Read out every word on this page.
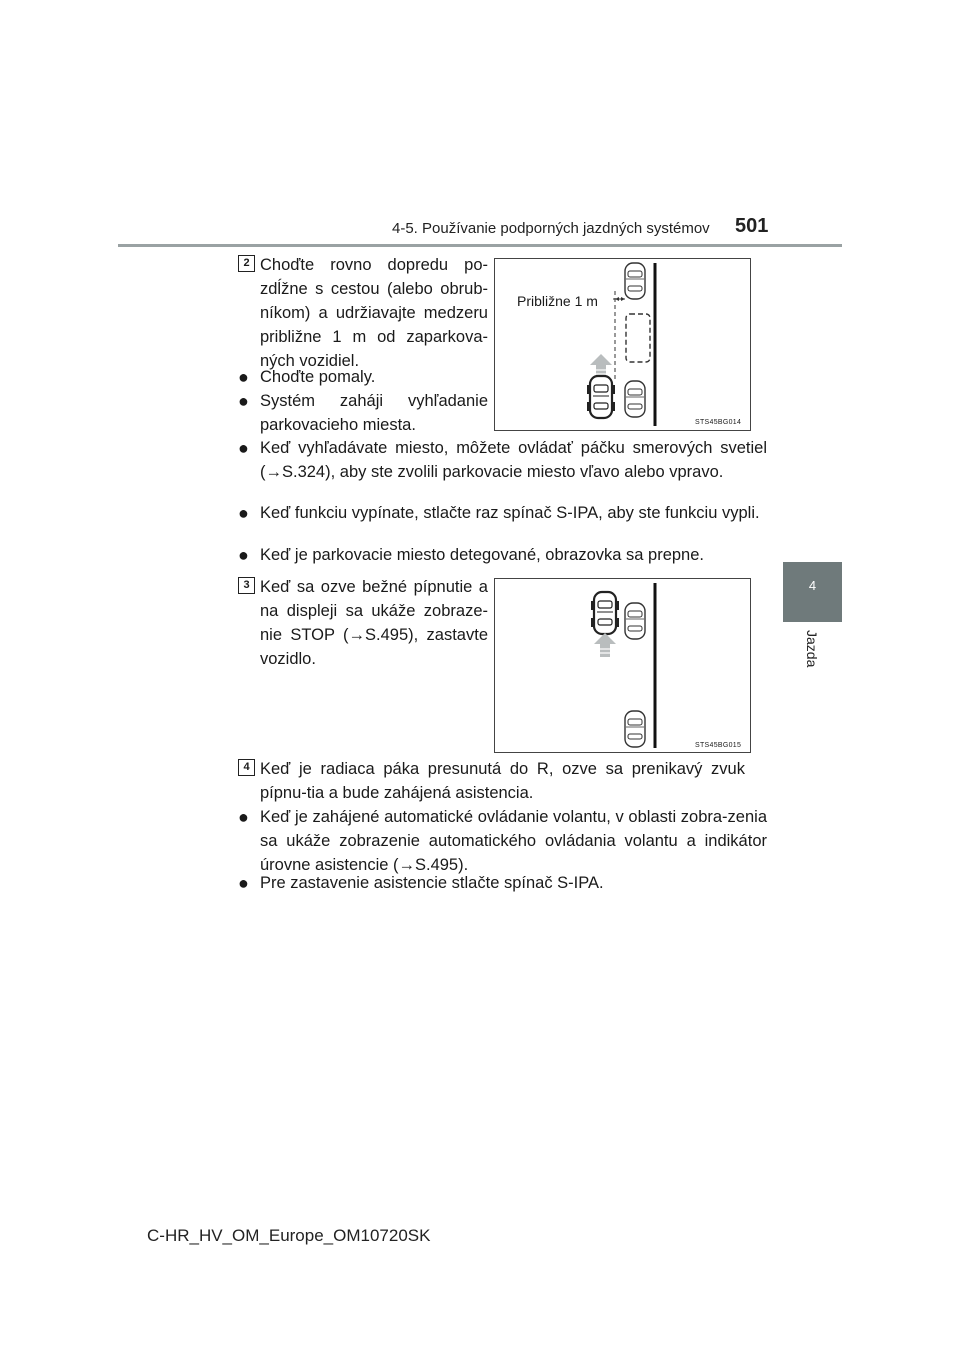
4-5. Používanie podporných jazdných systémov 501
4
Jazda
2 Choďte rovno dopredu po-zdĺžne s cestou (alebo obrub-níkom) a udržiavajte medzeru približne 1 m od zaparkova-ných vozidiel.
● Choďte pomaly.
● Systém zaháji vyhľadanie parkovacieho miesta.
● Keď vyhľadávate miesto, môžete ovládať páčku smerových svetiel (→S.324), aby ste zvolili parkovacie miesto vľavo alebo vpravo.
● Keď funkciu vypínate, stlačte raz spínač S-IPA, aby ste funkciu vypli.
● Keď je parkovacie miesto detegované, obrazovka sa prepne.
Približne 1 m
STS45BG014
3 Keď sa ozve bežné pípnutie a na displeji sa ukáže zobraze-nie STOP (→S.495), zastavte vozidlo.
STS45BG015
4 Keď je radiaca páka presunutá do R, ozve sa prenikavý zvuk pípnu-tia a bude zahájená asistencia.
● Keď je zahájené automatické ovládanie volantu, v oblasti zobra-zenia sa ukáže zobrazenie automatického ovládania volantu a indikátor úrovne asistencie (→S.495).
● Pre zastavenie asistencie stlačte spínač S-IPA.
C-HR_HV_OM_Europe_OM10720SK
